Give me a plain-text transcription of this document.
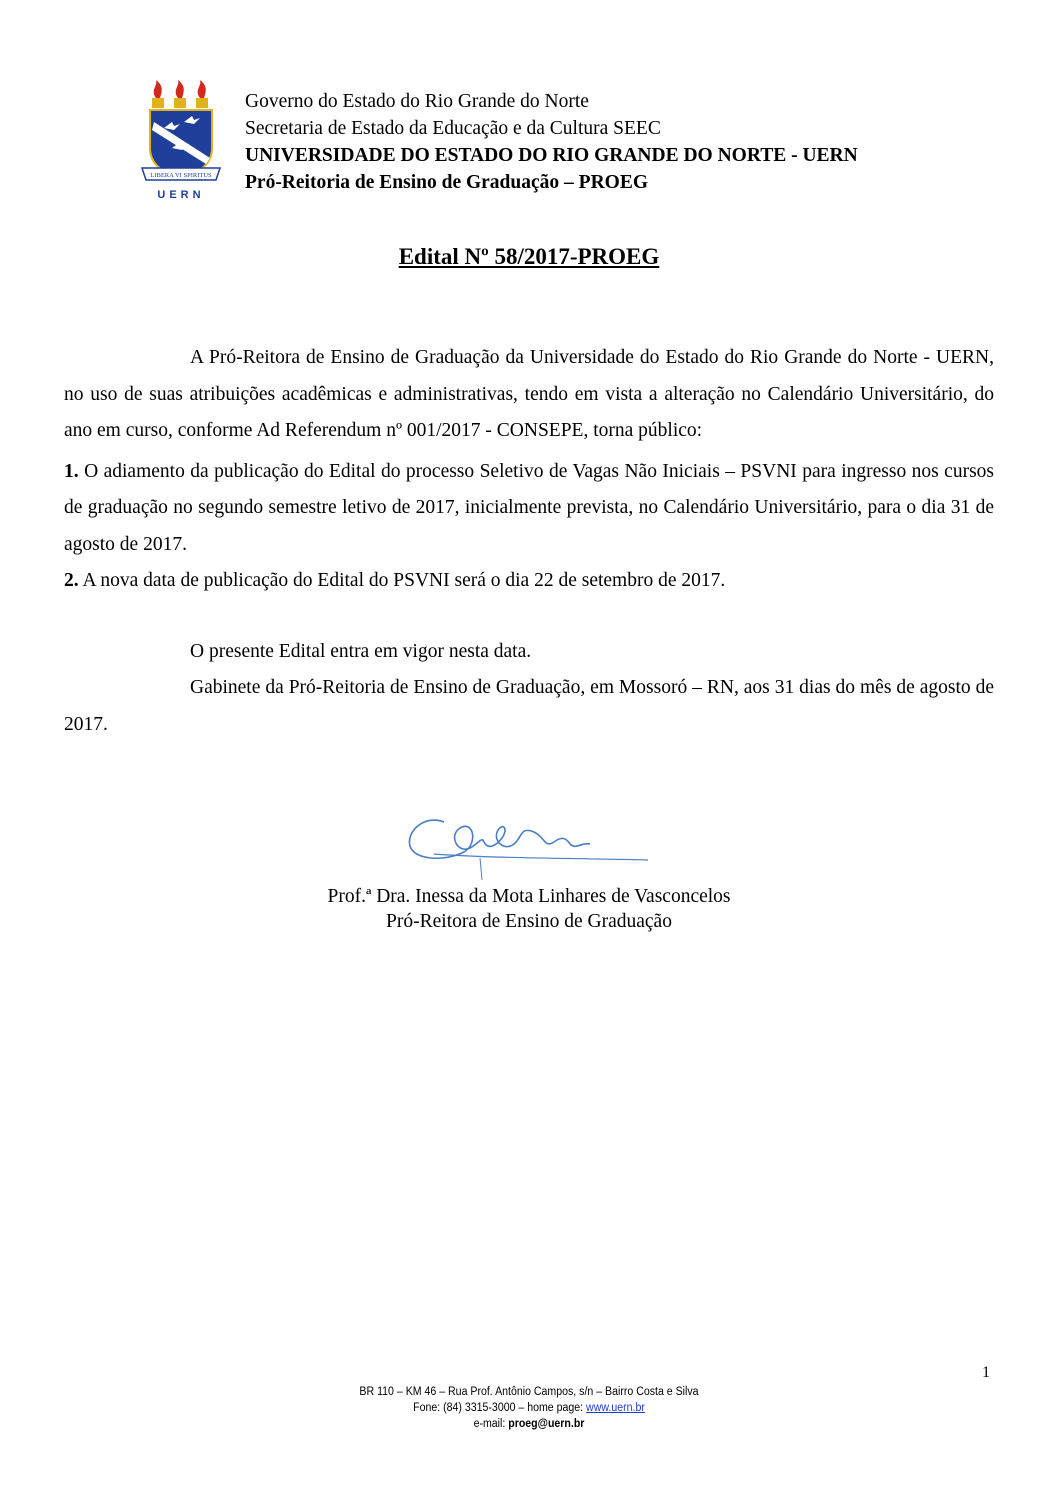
LIBERA VI SPIRITUS
UERN
Governo do Estado do Rio Grande do Norte
Secretaria de Estado da Educação e da Cultura SEEC
UNIVERSIDADE DO ESTADO DO RIO GRANDE DO NORTE - UERN
Pró-Reitoria de Ensino de Graduação – PROEG
Edital Nº 58/2017-PROEG

A Pró-Reitora de Ensino de Graduação da Universidade do Estado do Rio Grande do Norte - UERN, no uso de suas atribuições acadêmicas e administrativas, tendo em vista a alteração no Calendário Universitário, do ano em curso, conforme Ad Referendum nº 001/2017 - CONSEPE, torna público:

1. O adiamento da publicação do Edital do processo Seletivo de Vagas Não Iniciais – PSVNI para ingresso nos cursos de graduação no segundo semestre letivo de 2017, inicialmente prevista, no Calendário Universitário, para o dia 31 de agosto de 2017.

2. A nova data de publicação do Edital do PSVNI será o dia 22 de setembro de 2017.

O presente Edital entra em vigor nesta data.

Gabinete da Pró-Reitoria de Ensino de Graduação, em Mossoró – RN, aos 31 dias do mês de agosto de 2017.

Prof.ª Dra. Inessa da Mota Linhares de Vasconcelos
Pró-Reitora de Ensino de Graduação
1
BR 110 – KM 46 – Rua Prof. Antônio Campos, s/n – Bairro Costa e Silva
Fone: (84) 3315-3000 – home page: www.uern.br
e-mail: proeg@uern.br
